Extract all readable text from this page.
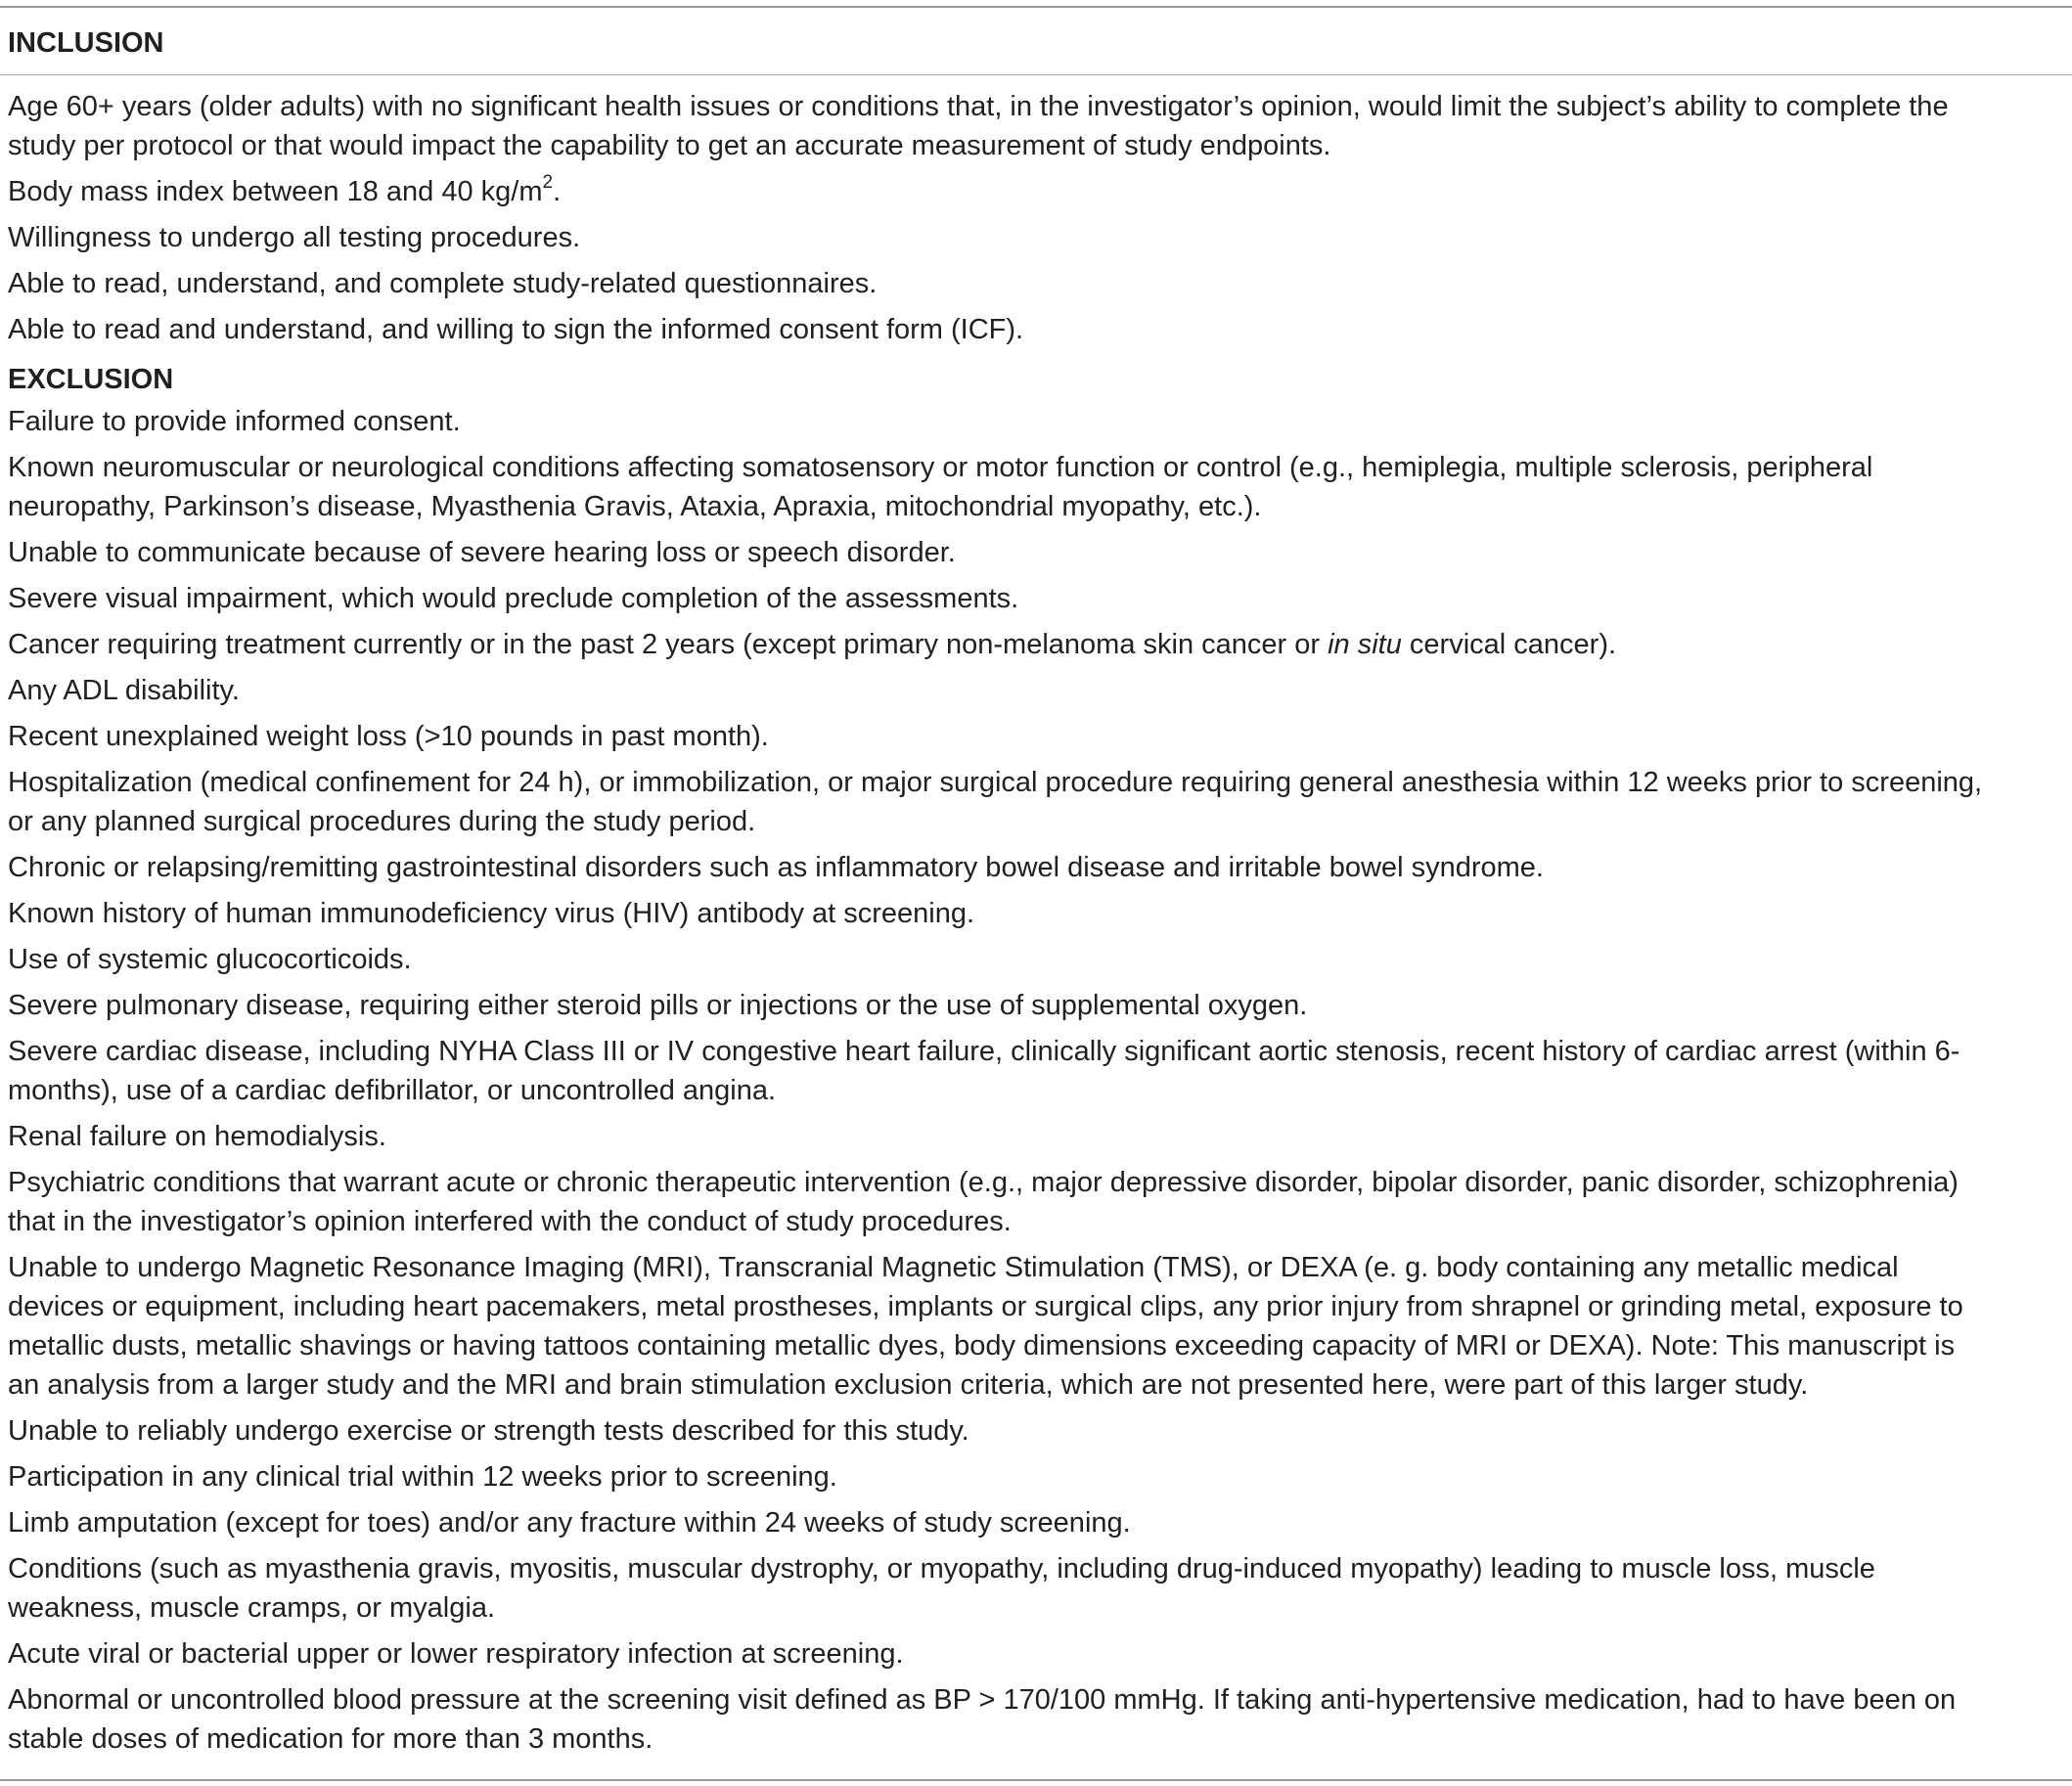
INCLUSION
Age 60+ years (older adults) with no significant health issues or conditions that, in the investigator’s opinion, would limit the subject’s ability to complete the study per protocol or that would impact the capability to get an accurate measurement of study endpoints.
Body mass index between 18 and 40 $kg/m^2$.
Willingness to undergo all testing procedures.
Able to read, understand, and complete study-related questionnaires.
Able to read and understand, and willing to sign the informed consent form (ICF).
EXCLUSION
Failure to provide informed consent.
Known neuromuscular or neurological conditions affecting somatosensory or motor function or control (e.g., hemiplegia, multiple sclerosis, peripheral neuropathy, Parkinson’s disease, Myasthenia Gravis, Ataxia, Apraxia, mitochondrial myopathy, etc.).
Unable to communicate because of severe hearing loss or speech disorder.
Severe visual impairment, which would preclude completion of the assessments.
Cancer requiring treatment currently or in the past 2 years (except primary non-melanoma skin cancer or in situ cervical cancer).
Any ADL disability.
Recent unexplained weight loss (>10 pounds in past month).
Hospitalization (medical confinement for 24 h), or immobilization, or major surgical procedure requiring general anesthesia within 12 weeks prior to screening, or any planned surgical procedures during the study period.
Chronic or relapsing/remitting gastrointestinal disorders such as inflammatory bowel disease and irritable bowel syndrome.
Known history of human immunodeficiency virus (HIV) antibody at screening.
Use of systemic glucocorticoids.
Severe pulmonary disease, requiring either steroid pills or injections or the use of supplemental oxygen.
Severe cardiac disease, including NYHA Class III or IV congestive heart failure, clinically significant aortic stenosis, recent history of cardiac arrest (within 6-months), use of a cardiac defibrillator, or uncontrolled angina.
Renal failure on hemodialysis.
Psychiatric conditions that warrant acute or chronic therapeutic intervention (e.g., major depressive disorder, bipolar disorder, panic disorder, schizophrenia) that in the investigator’s opinion interfered with the conduct of study procedures.
Unable to undergo Magnetic Resonance Imaging (MRI), Transcranial Magnetic Stimulation (TMS), or DEXA (e. g. body containing any metallic medical devices or equipment, including heart pacemakers, metal prostheses, implants or surgical clips, any prior injury from shrapnel or grinding metal, exposure to metallic dusts, metallic shavings or having tattoos containing metallic dyes, body dimensions exceeding capacity of MRI or DEXA). Note: This manuscript is an analysis from a larger study and the MRI and brain stimulation exclusion criteria, which are not presented here, were part of this larger study.
Unable to reliably undergo exercise or strength tests described for this study.
Participation in any clinical trial within 12 weeks prior to screening.
Limb amputation (except for toes) and/or any fracture within 24 weeks of study screening.
Conditions (such as myasthenia gravis, myositis, muscular dystrophy, or myopathy, including drug-induced myopathy) leading to muscle loss, muscle weakness, muscle cramps, or myalgia.
Acute viral or bacterial upper or lower respiratory infection at screening.
Abnormal or uncontrolled blood pressure at the screening visit defined as BP > 170/100 mmHg. If taking anti-hypertensive medication, had to have been on stable doses of medication for more than 3 months.
